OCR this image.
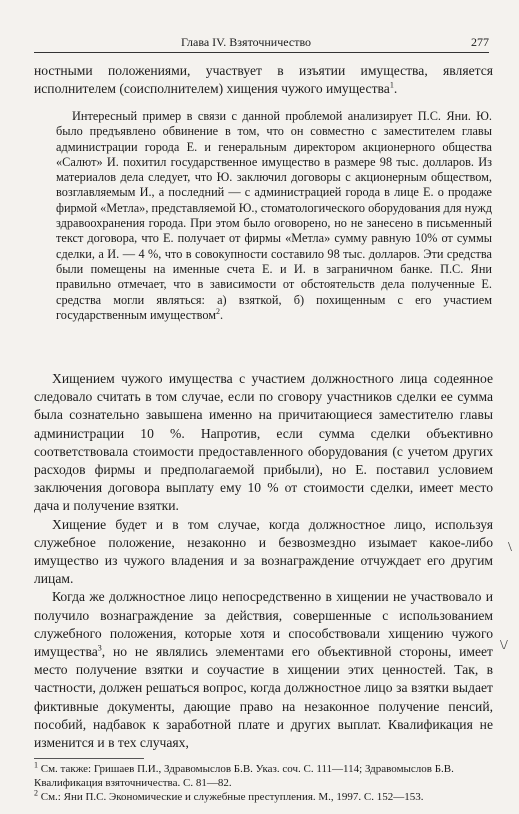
Глава IV. Взяточничество	277

ностными положениями, участвует в изъятии имущества, является исполнителем (соисполнителем) хищения чужого имущества$^1$.

Интересный пример в связи с данной проблемой анализирует П.С. Яни. Ю. было предъявлено обвинение в том, что он совместно с заместителем главы администрации города Е. и генеральным директором акционерного общества «Салют» И. похитил государственное имущество в размере 98 тыс. долларов. Из материалов дела следует, что Ю. заключил договоры с акционерным обществом, возглавляемым И., а последний — с администрацией города в лице Е. о продаже фирмой «Метла», представляемой Ю., стоматологического оборудования для нужд здравоохранения города. При этом было оговорено, но не занесено в письменный текст договора, что Е. получает от фирмы «Метла» сумму равную 10% от суммы сделки, а И. — 4 %, что в совокупности составило 98 тыс. долларов. Эти средства были помещены на именные счета Е. и И. в заграничном банке. П.С. Яни правильно отмечает, что в зависимости от обстоятельств дела полученные Е. средства могли являться: а) взяткой, б) похищенным с его участием государственным имуществом$^2$.

Хищением чужого имущества с участием должностного лица содеянное следовало считать в том случае, если по сговору участников сделки ее сумма была сознательно завышена именно на причитающиеся заместителю главы администрации 10 %. Напротив, если сумма сделки объективно соответствовала стоимости предоставленного оборудования (с учетом других расходов фирмы и предполагаемой прибыли), но Е. поставил условием заключения договора выплату ему 10 % от стоимости сделки, имеет место дача и получение взятки.

Хищение будет и в том случае, когда должностное лицо, используя служебное положение, незаконно и безвозмездно изымает какое-либо имущество из чужого владения и за вознаграждение отчуждает его другим лицам.

Когда же должностное лицо непосредственно в хищении не участвовало и получило вознаграждение за действия, совершенные с использованием служебного положения, которые хотя и способствовали хищению чужого имущества$^3$, но не являлись элементами его объективной стороны, имеет место получение взятки и соучастие в хищении этих ценностей. Так, в частности, должен решаться вопрос, когда должностное лицо за взятки выдает фиктивные документы, дающие право на незаконное получение пенсий, пособий, надбавок к заработной плате и других выплат. Квалификация не изменится и в тех случаях,

$^1$ См. также: Гришаев П.И., Здравомыслов Б.В. Указ. соч. С. 111—114; Здравомыслов Б.В. Квалификация взяточничества. С. 81—82.

$^2$ См.: Яни П.С. Экономические и служебные преступления. М., 1997. С. 152—153.

\
\/
